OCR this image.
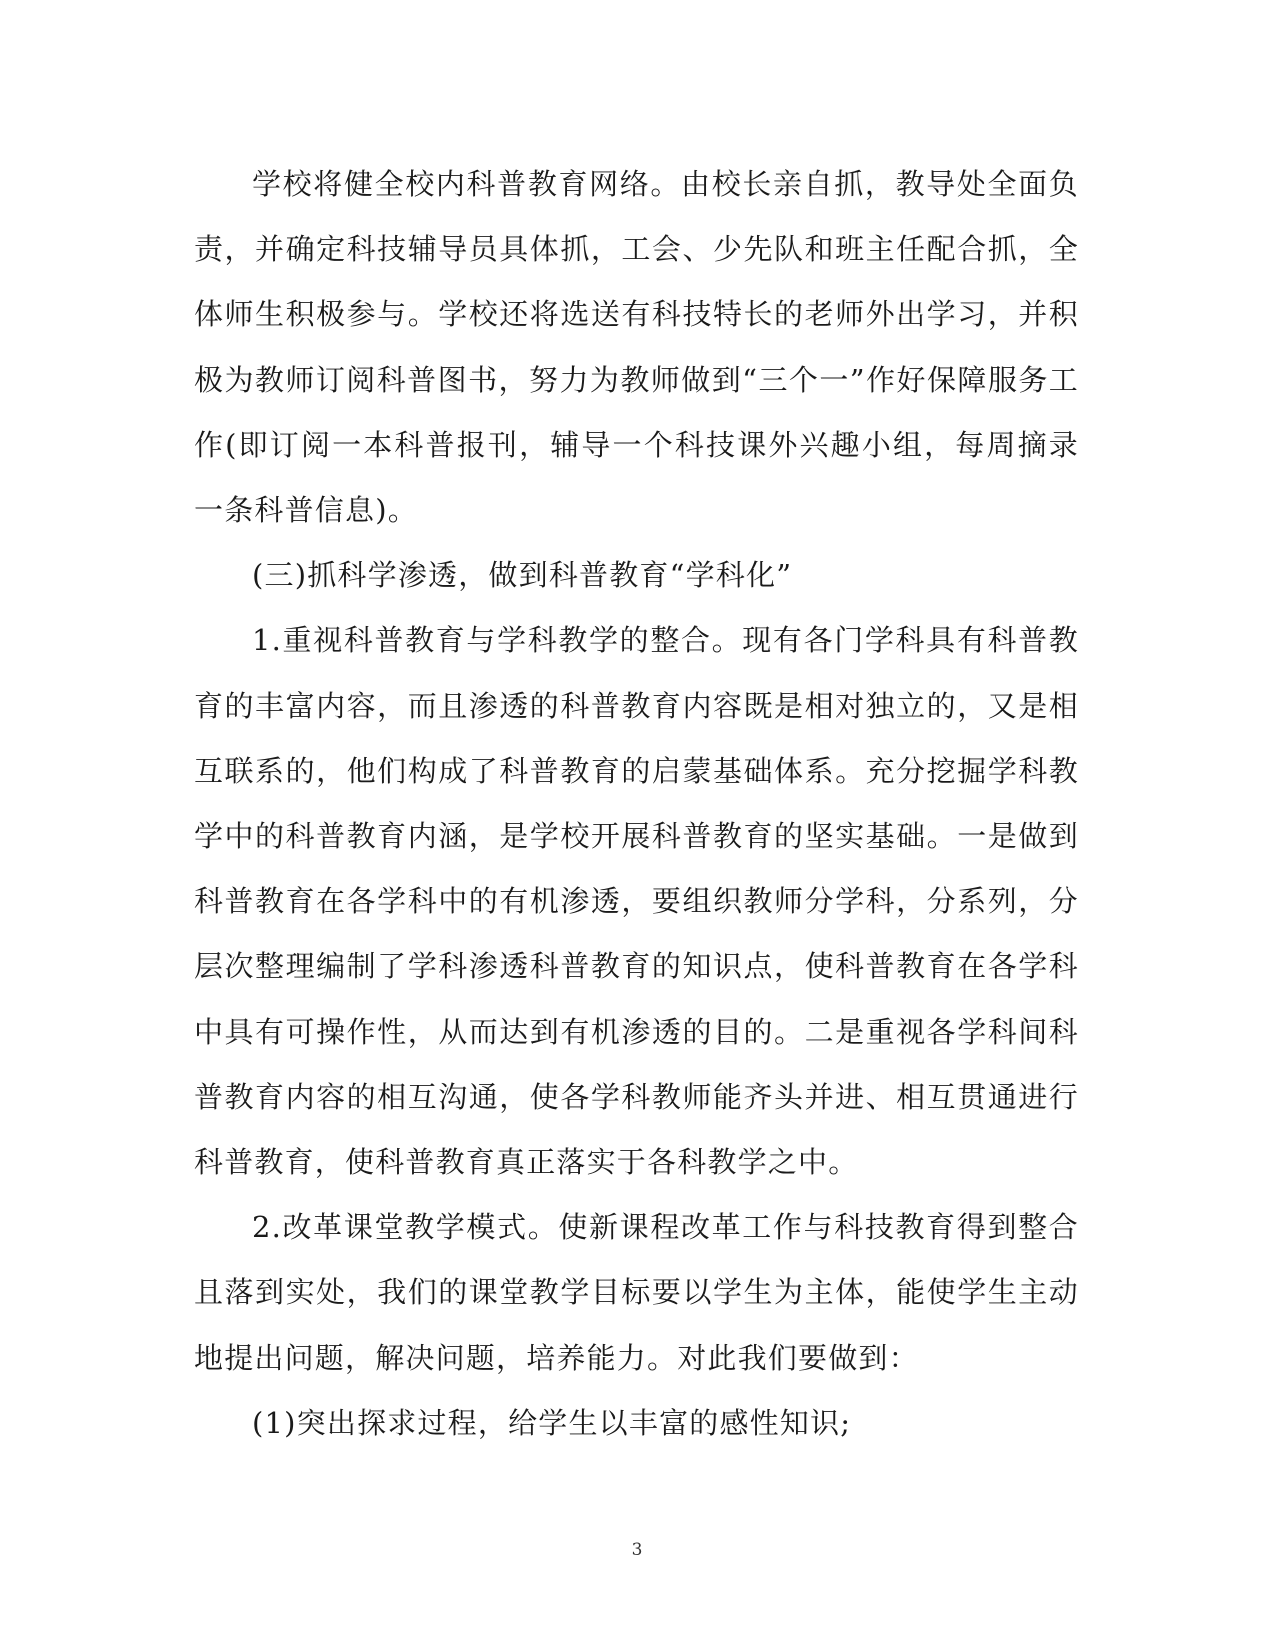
学校将健全校内科普教育网络。由校长亲自抓，教导处全面负责，并确定科技辅导员具体抓，工会、少先队和班主任配合抓，全体师生积极参与。学校还将选送有科技特长的老师外出学习，并积极为教师订阅科普图书，努力为教师做到“三个一”作好保障服务工作(即订阅一本科普报刊，辅导一个科技课外兴趣小组，每周摘录一条科普信息)。

(三)抓科学渗透，做到科普教育“学科化”

1.重视科普教育与学科教学的整合。现有各门学科具有科普教育的丰富内容，而且渗透的科普教育内容既是相对独立的，又是相互联系的，他们构成了科普教育的启蒙基础体系。充分挖掘学科教学中的科普教育内涵，是学校开展科普教育的坚实基础。一是做到科普教育在各学科中的有机渗透，要组织教师分学科，分系列，分层次整理编制了学科渗透科普教育的知识点，使科普教育在各学科中具有可操作性，从而达到有机渗透的目的。二是重视各学科间科普教育内容的相互沟通，使各学科教师能齐头并进、相互贯通进行科普教育，使科普教育真正落实于各科教学之中。

2.改革课堂教学模式。使新课程改革工作与科技教育得到整合且落到实处，我们的课堂教学目标要以学生为主体，能使学生主动地提出问题，解决问题，培养能力。对此我们要做到：

(1)突出探求过程，给学生以丰富的感性知识;

3
